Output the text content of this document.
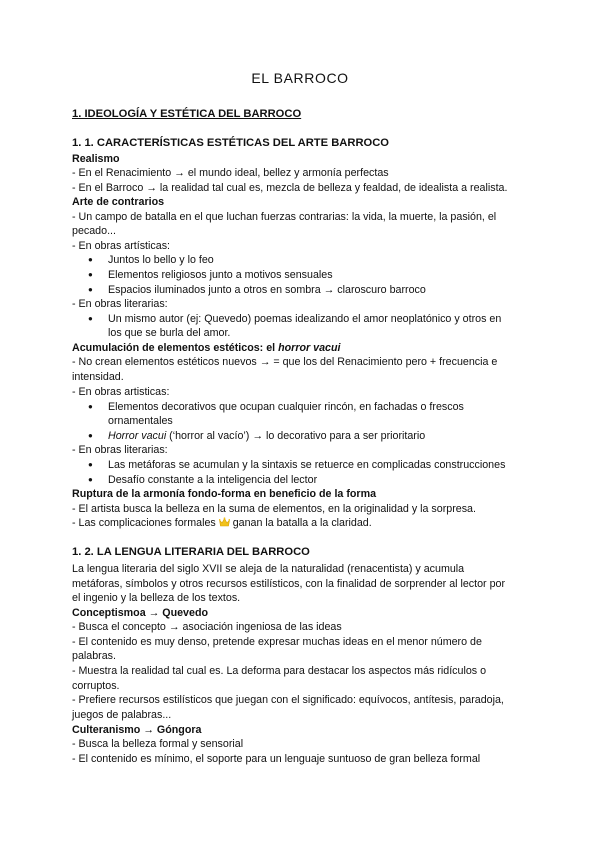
EL BARROCO
1. IDEOLOGÍA Y ESTÉTICA DEL BARROCO
1. 1. CARACTERÍSTICAS ESTÉTICAS DEL ARTE BARROCO
Realismo
- En el Renacimiento → el mundo ideal, bellez y armonía perfectas
- En el Barroco → la realidad tal cual es, mezcla de belleza y fealdad, de idealista a realista.
Arte de contrarios
- Un campo de batalla en el que luchan fuerzas contrarias: la vida, la muerte, la pasión, el
pecado...
- En obras artísticas:
● Juntos lo bello y lo feo
● Elementos religiosos junto a motivos sensuales
● Espacios iluminados junto a otros en sombra → claroscuro barroco
- En obras literarias:
● Un mismo autor (ej: Quevedo) poemas idealizando el amor neoplatónico y otros en
los que se burla del amor.
Acumulación de elementos estéticos: el horror vacui
- No crean elementos estéticos nuevos → = que los del Renacimiento pero + frecuencia e
intensidad.
- En obras artisticas:
● Elementos decorativos que ocupan cualquier rincón, en fachadas o frescos
ornamentales
● Horror vacui (‘horror al vacío’) → lo decorativo para a ser prioritario
- En obras literarias:
● Las metáforas se acumulan y la sintaxis se retuerce en complicadas construcciones
● Desafío constante a la inteligencia del lector
Ruptura de la armonía fondo-forma en beneficio de la forma
- El artista busca la belleza en la suma de elementos, en la originalidad y la sorpresa.
- Las complicaciones formales  ganan la batalla a la claridad.
1. 2. LA LENGUA LITERARIA DEL BARROCO
La lengua literaria del siglo XVII se aleja de la naturalidad (renacentista) y acumula
metáforas, símbolos y otros recursos estilísticos, con la finalidad de sorprender al lector por
el ingenio y la belleza de los textos.
Conceptismoa → Quevedo
- Busca el concepto → asociación ingeniosa de las ideas
- El contenido es muy denso, pretende expresar muchas ideas en el menor número de
palabras.
- Muestra la realidad tal cual es. La deforma para destacar los aspectos más ridículos o
corruptos.
- Prefiere recursos estilísticos que juegan con el significado: equívocos, antítesis, paradoja,
juegos de palabras...
Culteranismo → Góngora
- Busca la belleza formal y sensorial
- El contenido es mínimo, el soporte para un lenguaje suntuoso de gran belleza formal
